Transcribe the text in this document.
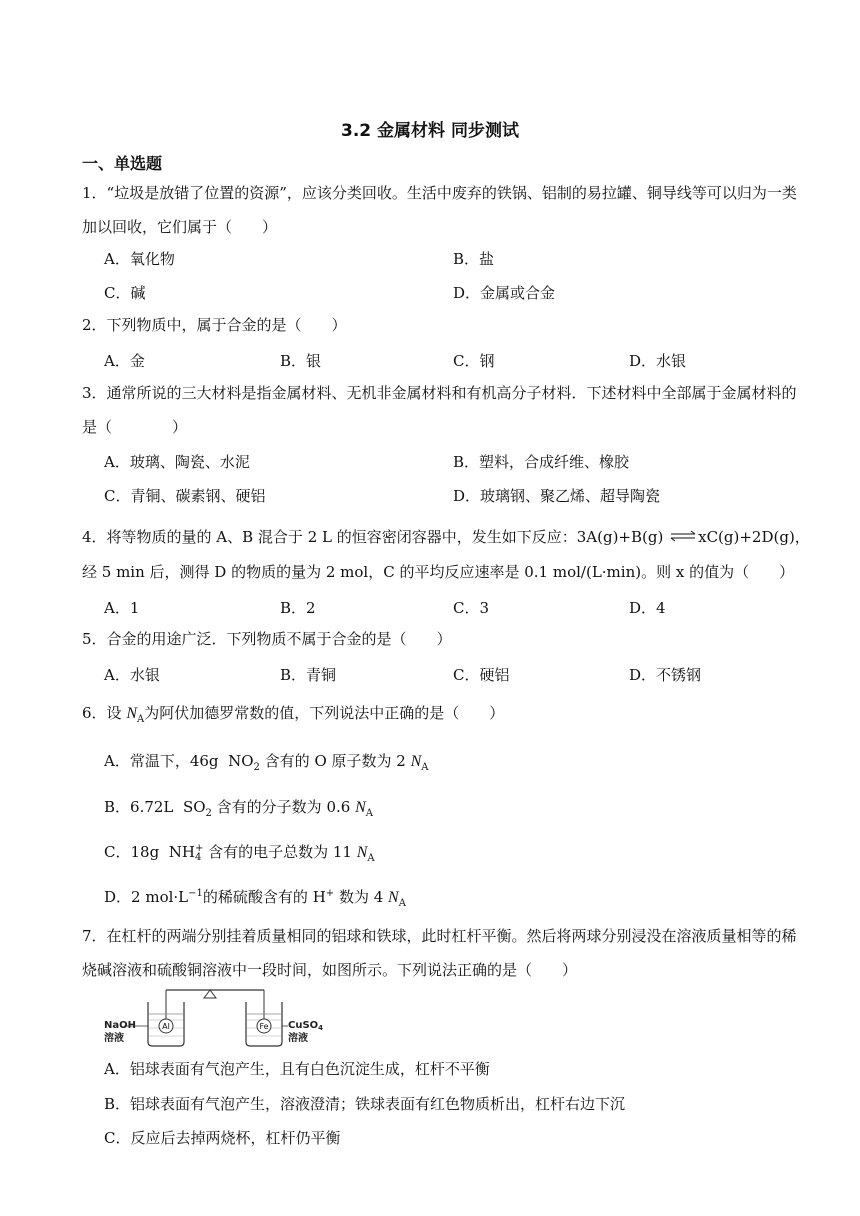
3.2 金属材料 同步测试
一、单选题
1．“垃圾是放错了位置的资源”，应该分类回收。生活中废弃的铁锅、铝制的易拉罐、铜导线等可以归为一类加以回收，它们属于（　　）
A．氧化物	B．盐
C．碱	D．金属或合金
2．下列物质中，属于合金的是（　　）
A．金	B．银	C．钢	D．水银
3．通常所说的三大材料是指金属材料、无机非金属材料和有机高分子材料．下述材料中全部属于金属材料的是（　　　　）
A．玻璃、陶瓷、水泥	B．塑料，合成纤维、橡胶
C．青铜、碳素钢、硬铝	D．玻璃钢、聚乙烯、超导陶瓷
4．将等物质的量的 A、B 混合于 2 L 的恒容密闭容器中，发生如下反应：3A(g)+B(g) ⇌xC(g)+2D(g)，
经 5 min 后，测得 D 的物质的量为 2 mol，C 的平均反应速率是 0.1 mol/(L·min)。则 x 的值为（　　）
A．1	B．2	C．3	D．4
5．合金的用途广泛．下列物质不属于合金的是（　　）
A．水银	B．青铜	C．硬铝	D．不锈钢
6．设 $N_A$为阿伏加德罗常数的值，下列说法中正确的是（　　）
A．常温下，46g $NO_2$ 含有的 O 原子数为 2 $N_A$
B．6.72L $SO_2$ 含有的分子数为 0.6 $N_A$
C．18g NH +
4 含有的电子总数为 11 $N_A$
D．2 $mol\cdot L^{-1}$的稀硫酸含有的 H+ 数为 4 $N_A$
7．在杠杆的两端分别挂着质量相同的铝球和铁球，此时杠杆平衡。然后将两球分别浸没在溶液质量相等的稀烧碱溶液和硫酸铜溶液中一段时间，如图所示。下列说法正确的是（　　）
Al
NaOH
溶液
Fe CuSO$_4$
溶液
A．铝球表面有气泡产生，且有白色沉淀生成，杠杆不平衡
B．铝球表面有气泡产生，溶液澄清；铁球表面有红色物质析出，杠杆右边下沉
C．反应后去掉两烧杯，杠杆仍平衡
